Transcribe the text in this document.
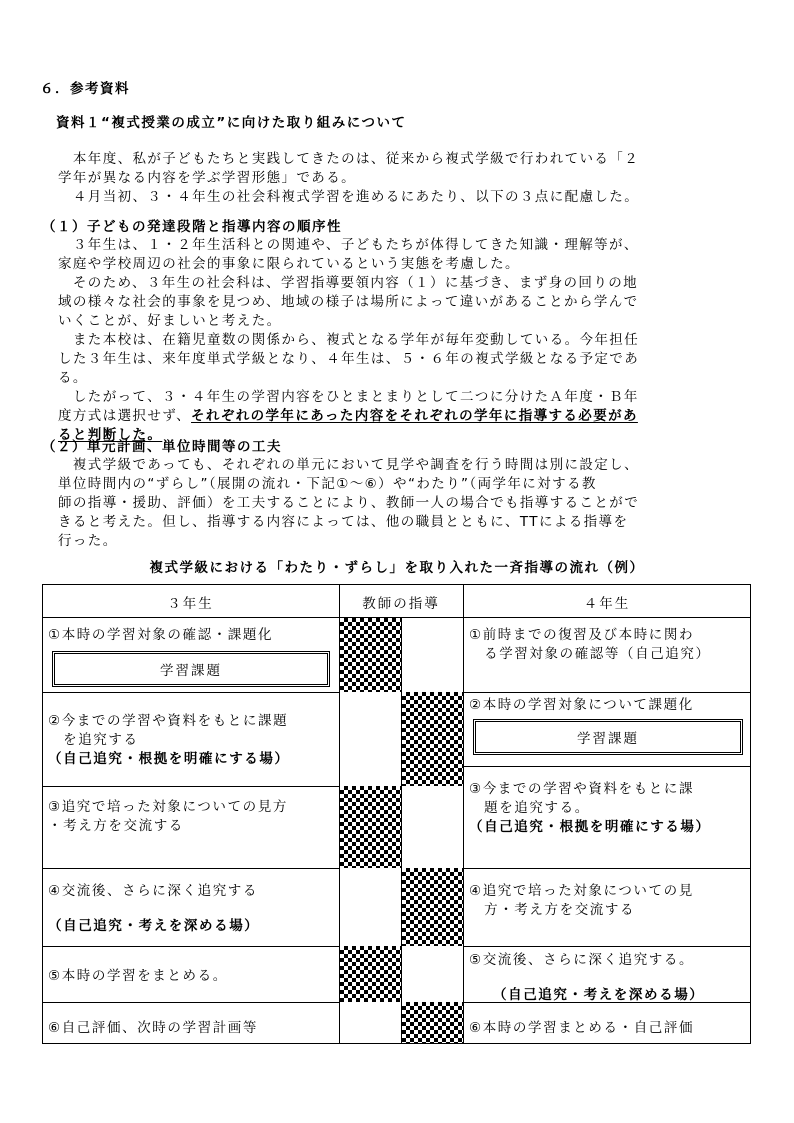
６．参考資料
資料１“複式授業の成立”に向けた取り組みについて

　本年度、私が子どもたちと実践してきたのは、従来から複式学級で行われている「２

学年が異なる内容を学ぶ学習形態」である。

　４月当初、３・４年生の社会科複式学習を進めるにあたり、以下の３点に配慮した。

（１）子どもの発達段階と指導内容の順序性

　３年生は、１・２年生活科との関連や、子どもたちが体得してきた知識・理解等が、

家庭や学校周辺の社会的事象に限られているという実態を考慮した。

　そのため、３年生の社会科は、学習指導要領内容（１）に基づき、まず身の回りの地

域の様々な社会的事象を見つめ、地域の様子は場所によって違いがあることから学んで

いくことが、好ましいと考えた。

　また本校は、在籍児童数の関係から、複式となる学年が毎年変動している。今年担任

した３年生は、来年度単式学級となり、４年生は、５・６年の複式学級となる予定であ

る。

　したがって、３・４年生の学習内容をひとまとまりとして二つに分けたＡ年度・Ｂ年

度方式は選択せず、それぞれの学年にあった内容をそれぞれの学年に指導する必要があ

ると判断した。

（２）単元計画、単位時間等の工夫

　複式学級であっても、それぞれの単元において見学や調査を行う時間は別に設定し、

単位時間内の“ずらし”（展開の流れ・下記①～⑥）や“わたり”（両学年に対する教

師の指導・援助、評価）を工夫することにより、教師一人の場合でも指導することがで

きると考えた。但し、指導する内容によっては、他の職員とともに、TTによる指導を

行った。

複式学級における「わたり・ずらし」を取り入れた一斉指導の流れ（例）
３年生	教師の指導	４年生
①本時の学習対象の確認・課題化
学習課題
②今までの学習や資料をもとに課題
　を追究する
（自己追究・根拠を明確にする場）
③追究で培った対象についての見方
・考え方を交流する
④交流後、さらに深く追究する
（自己追究・考えを深める場）
⑤本時の学習をまとめる。
⑥自己評価、次時の学習計画等
①前時までの復習及び本時に関わ
　る学習対象の確認等（自己追究）
②本時の学習対象について課題化
学習課題
③今までの学習や資料をもとに課
　題を追究する。
（自己追究・根拠を明確にする場）
④追究で培った対象についての見
　方・考え方を交流する
⑤交流後、さらに深く追究する。
（自己追究・考えを深める場）
⑥本時の学習まとめる・自己評価
